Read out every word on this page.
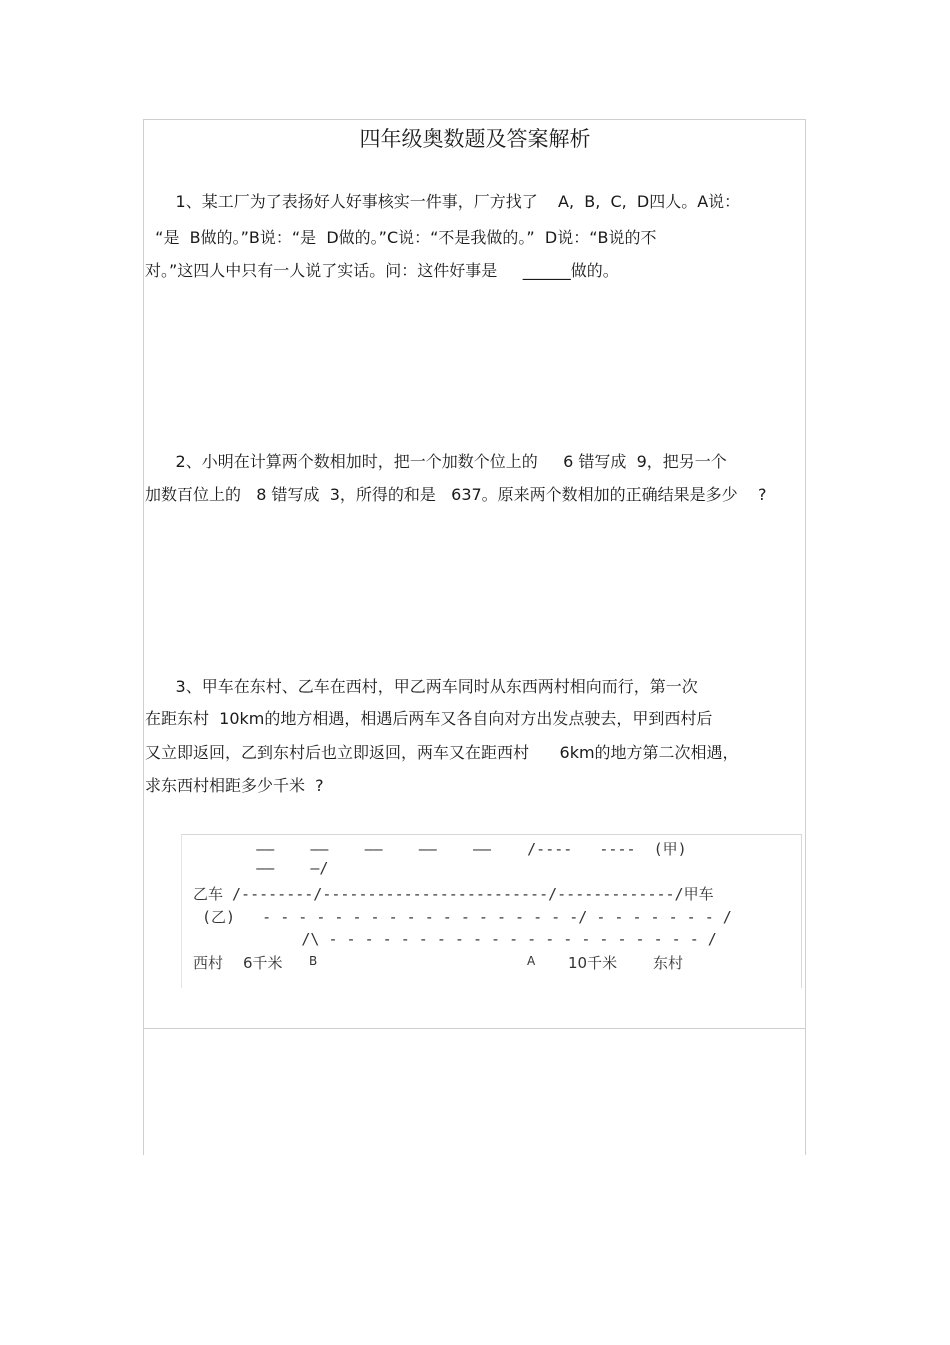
四年级奥数题及答案解析
1、某工厂为了表扬好人好事核实一件事，厂方找了    A,  B,  C,  D四人。A说：
“是  B做的。”B说：“是  D做的。”C说：“不是我做的。”  D说：“B说的不
对。”这四人中只有一人说了实话。问：这件好事是     ______做的。
2、小明在计算两个数相加时，把一个加数个位上的     6 错写成  9，把另一个
加数百位上的   8 错写成  3，所得的和是   637。原来两个数相加的正确结果是多少    ?
3、甲车在东村、乙车在西村，甲乙两车同时从东西两村相向而行，第一次
在距东村  10km的地方相遇，相遇后两车又各自向对方出发点驶去，甲到西村后
又立即返回，乙到东村后也立即返回，两车又在距西村      6km的地方第二次相遇，
求东西村相距多少千米  ?
——    ——    ——    ——    ——    /----   ----  (甲)
——    —/
乙车 /--------/-------------------------/-------------/甲车
(乙)   - - - - - - - - - - - - - - - - - -/ - - - - - - - /
/\ - - - - - - - - - - - - - - - - - - - - - /
西村 6千米 B	A 10千米 东村
